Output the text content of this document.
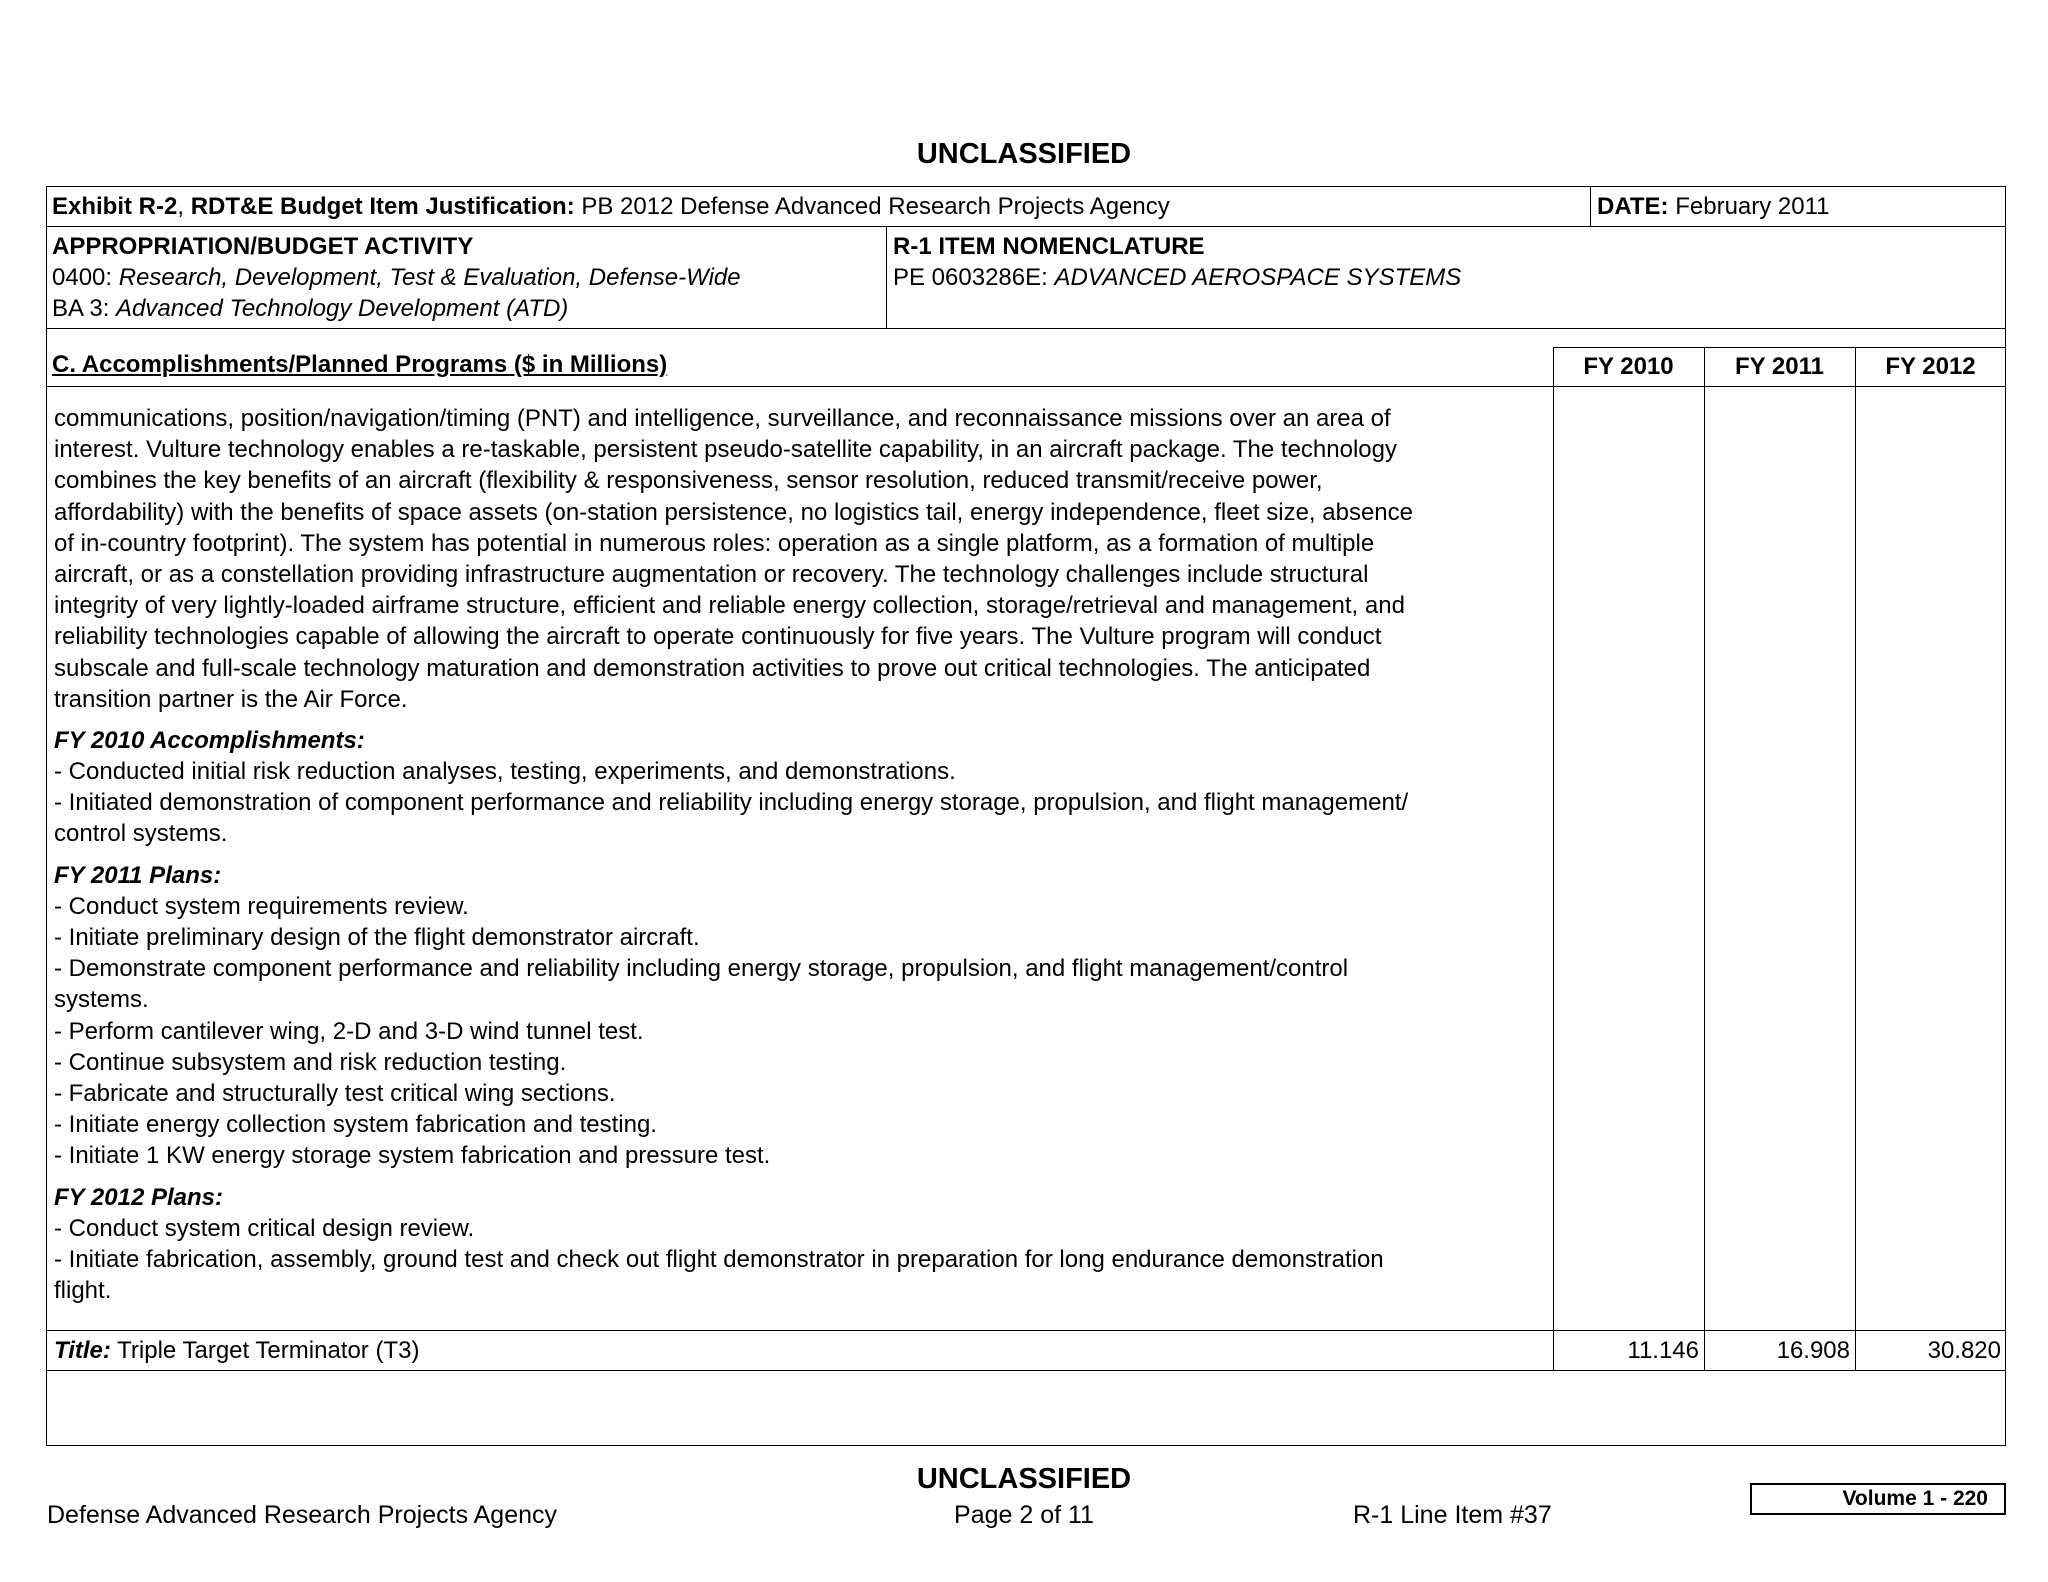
UNCLASSIFIED
Exhibit R-2, RDT&E Budget Item Justification: PB 2012 Defense Advanced Research Projects Agency	DATE: February 2011
APPROPRIATION/BUDGET ACTIVITY
0400: Research, Development, Test & Evaluation, Defense-Wide
BA 3: Advanced Technology Development (ATD)
R-1 ITEM NOMENCLATURE
PE 0603286E: ADVANCED AEROSPACE SYSTEMS
C. Accomplishments/Planned Programs ($ in Millions)	FY 2010	FY 2011	FY 2012
communications, position/navigation/timing (PNT) and intelligence, surveillance, and reconnaissance missions over an area of
interest. Vulture technology enables a re-taskable, persistent pseudo-satellite capability, in an aircraft package. The technology
combines the key benefits of an aircraft (flexibility & responsiveness, sensor resolution, reduced transmit/receive power,
affordability) with the benefits of space assets (on-station persistence, no logistics tail, energy independence, fleet size, absence
of in-country footprint). The system has potential in numerous roles: operation as a single platform, as a formation of multiple
aircraft, or as a constellation providing infrastructure augmentation or recovery. The technology challenges include structural
integrity of very lightly-loaded airframe structure, efficient and reliable energy collection, storage/retrieval and management, and
reliability technologies capable of allowing the aircraft to operate continuously for five years. The Vulture program will conduct
subscale and full-scale technology maturation and demonstration activities to prove out critical technologies. The anticipated
transition partner is the Air Force.
FY 2010 Accomplishments:
- Conducted initial risk reduction analyses, testing, experiments, and demonstrations.
- Initiated demonstration of component performance and reliability including energy storage, propulsion, and flight management/
control systems.
FY 2011 Plans:
- Conduct system requirements review.
- Initiate preliminary design of the flight demonstrator aircraft.
- Demonstrate component performance and reliability including energy storage, propulsion, and flight management/control
systems.
- Perform cantilever wing, 2-D and 3-D wind tunnel test.
- Continue subsystem and risk reduction testing.
- Fabricate and structurally test critical wing sections.
- Initiate energy collection system fabrication and testing.
- Initiate 1 KW energy storage system fabrication and pressure test.
FY 2012 Plans:
- Conduct system critical design review.
- Initiate fabrication, assembly, ground test and check out flight demonstrator in preparation for long endurance demonstration
flight.
Title: Triple Target Terminator (T3)	11.146	16.908	30.820
UNCLASSIFIED
Defense Advanced Research Projects Agency	Page 2 of 11	R-1 Line Item #37
Volume 1 - 220
